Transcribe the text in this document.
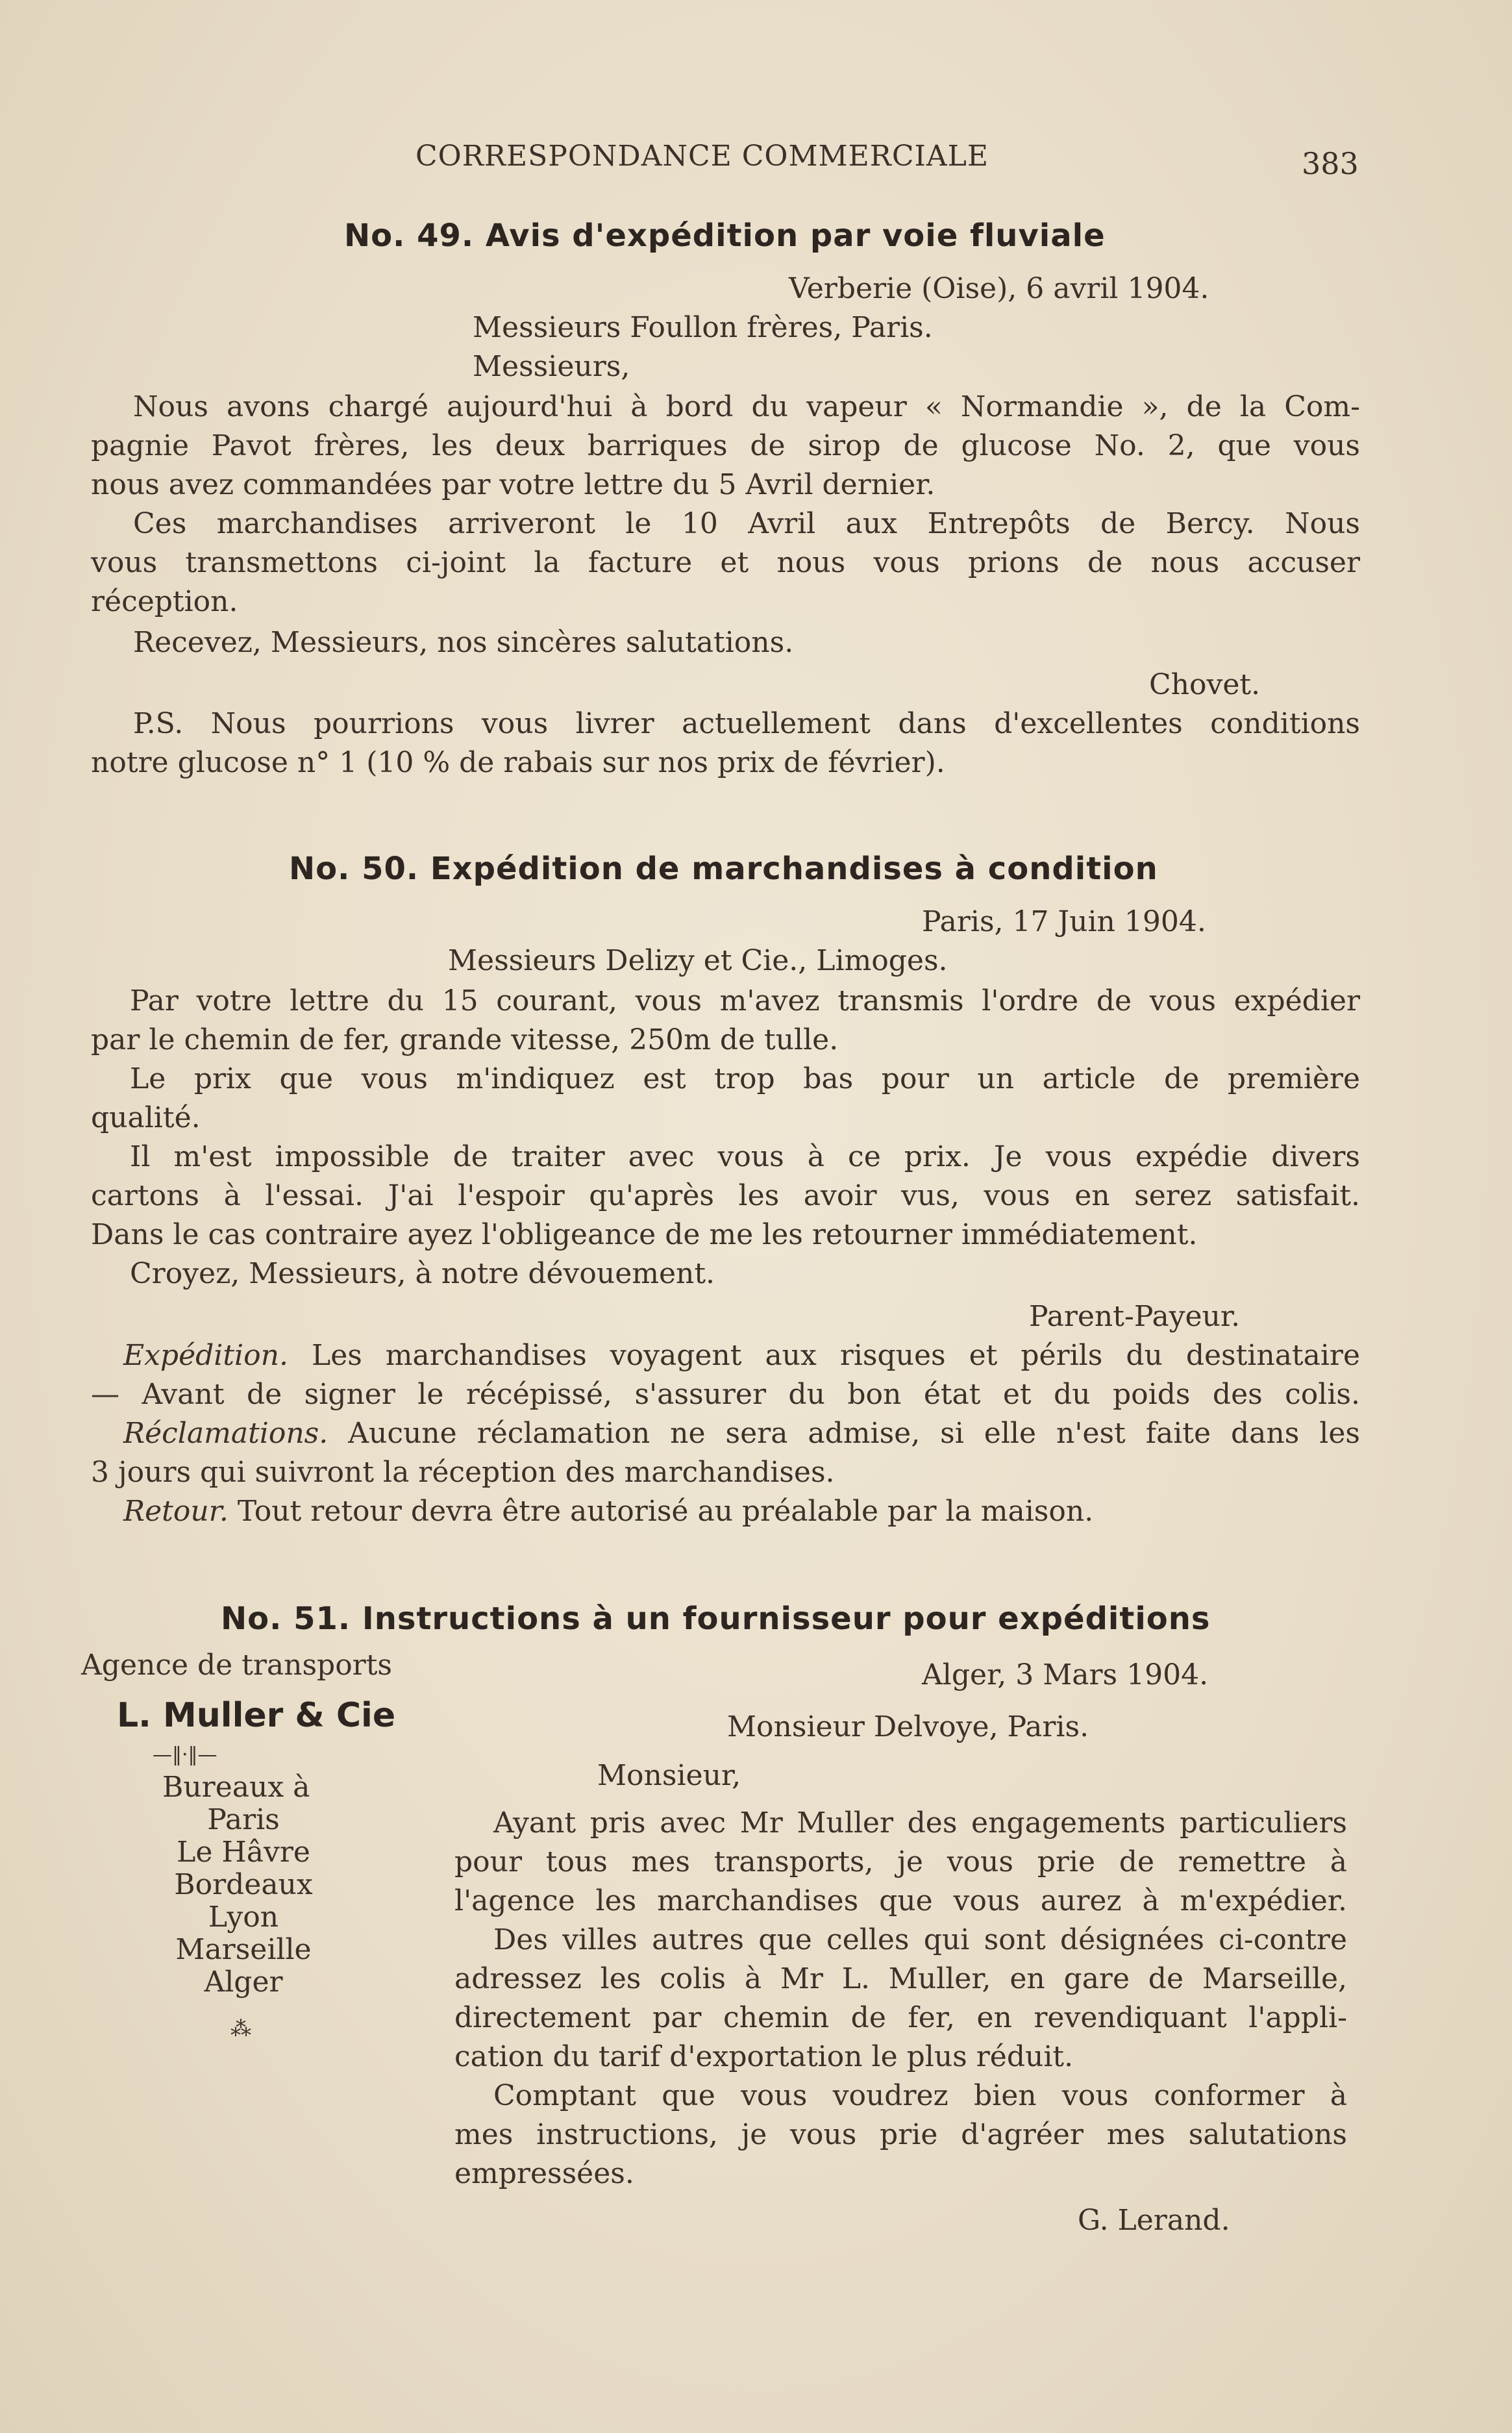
CORRESPONDANCE COMMERCIALE	383
No. 49. Avis d'expédition par voie fluviale
Verberie (Oise), 6 avril 1904.
Messieurs Foullon frères, Paris.
Messieurs,
Nous avons chargé aujourd'hui à bord du vapeur « Normandie », de la Com-
pagnie Pavot frères, les deux barriques de sirop de glucose No. 2, que vous
nous avez commandées par votre lettre du 5 Avril dernier.
Ces marchandises arriveront le 10 Avril aux Entrepôts de Bercy. Nous
vous transmettons ci-joint la facture et nous vous prions de nous accuser
réception.
Recevez, Messieurs, nos sincères salutations.
Chovet.
P.S. Nous pourrions vous livrer actuellement dans d'excellentes conditions
notre glucose n° 1 (10 % de rabais sur nos prix de février).
No. 50. Expédition de marchandises à condition
Paris, 17 Juin 1904.
Messieurs Delizy et Cie., Limoges.
Par votre lettre du 15 courant, vous m'avez transmis l'ordre de vous expédier
par le chemin de fer, grande vitesse, 250m de tulle.
Le prix que vous m'indiquez est trop bas pour un article de première
qualité.
Il m'est impossible de traiter avec vous à ce prix. Je vous expédie divers
cartons à l'essai. J'ai l'espoir qu'après les avoir vus, vous en serez satisfait.
Dans le cas contraire ayez l'obligeance de me les retourner immédiatement.
Croyez, Messieurs, à notre dévouement.
Parent-Payeur.
Expédition. Les marchandises voyagent aux risques et périls du destinataire
— Avant de signer le récépissé, s'assurer du bon état et du poids des colis.
Réclamations. Aucune réclamation ne sera admise, si elle n'est faite dans les
3 jours qui suivront la réception des marchandises.
Retour. Tout retour devra être autorisé au préalable par la maison.
No. 51. Instructions à un fournisseur pour expéditions
Agence de transports
L. Muller & Cie
—‖·‖—
Bureaux à
Paris
Le Hâvre
Bordeaux
Lyon
Marseille
Alger
⁂
Alger, 3 Mars 1904.
Monsieur Delvoye, Paris.
Monsieur,
Ayant pris avec Mr Muller des engagements particuliers
pour tous mes transports, je vous prie de remettre à
l'agence les marchandises que vous aurez à m'expédier.
Des villes autres que celles qui sont désignées ci-contre
adressez les colis à Mr L. Muller, en gare de Marseille,
directement par chemin de fer, en revendiquant l'appli-
cation du tarif d'exportation le plus réduit.
Comptant que vous voudrez bien vous conformer à
mes instructions, je vous prie d'agréer mes salutations
empressées.
G. Lerand.
